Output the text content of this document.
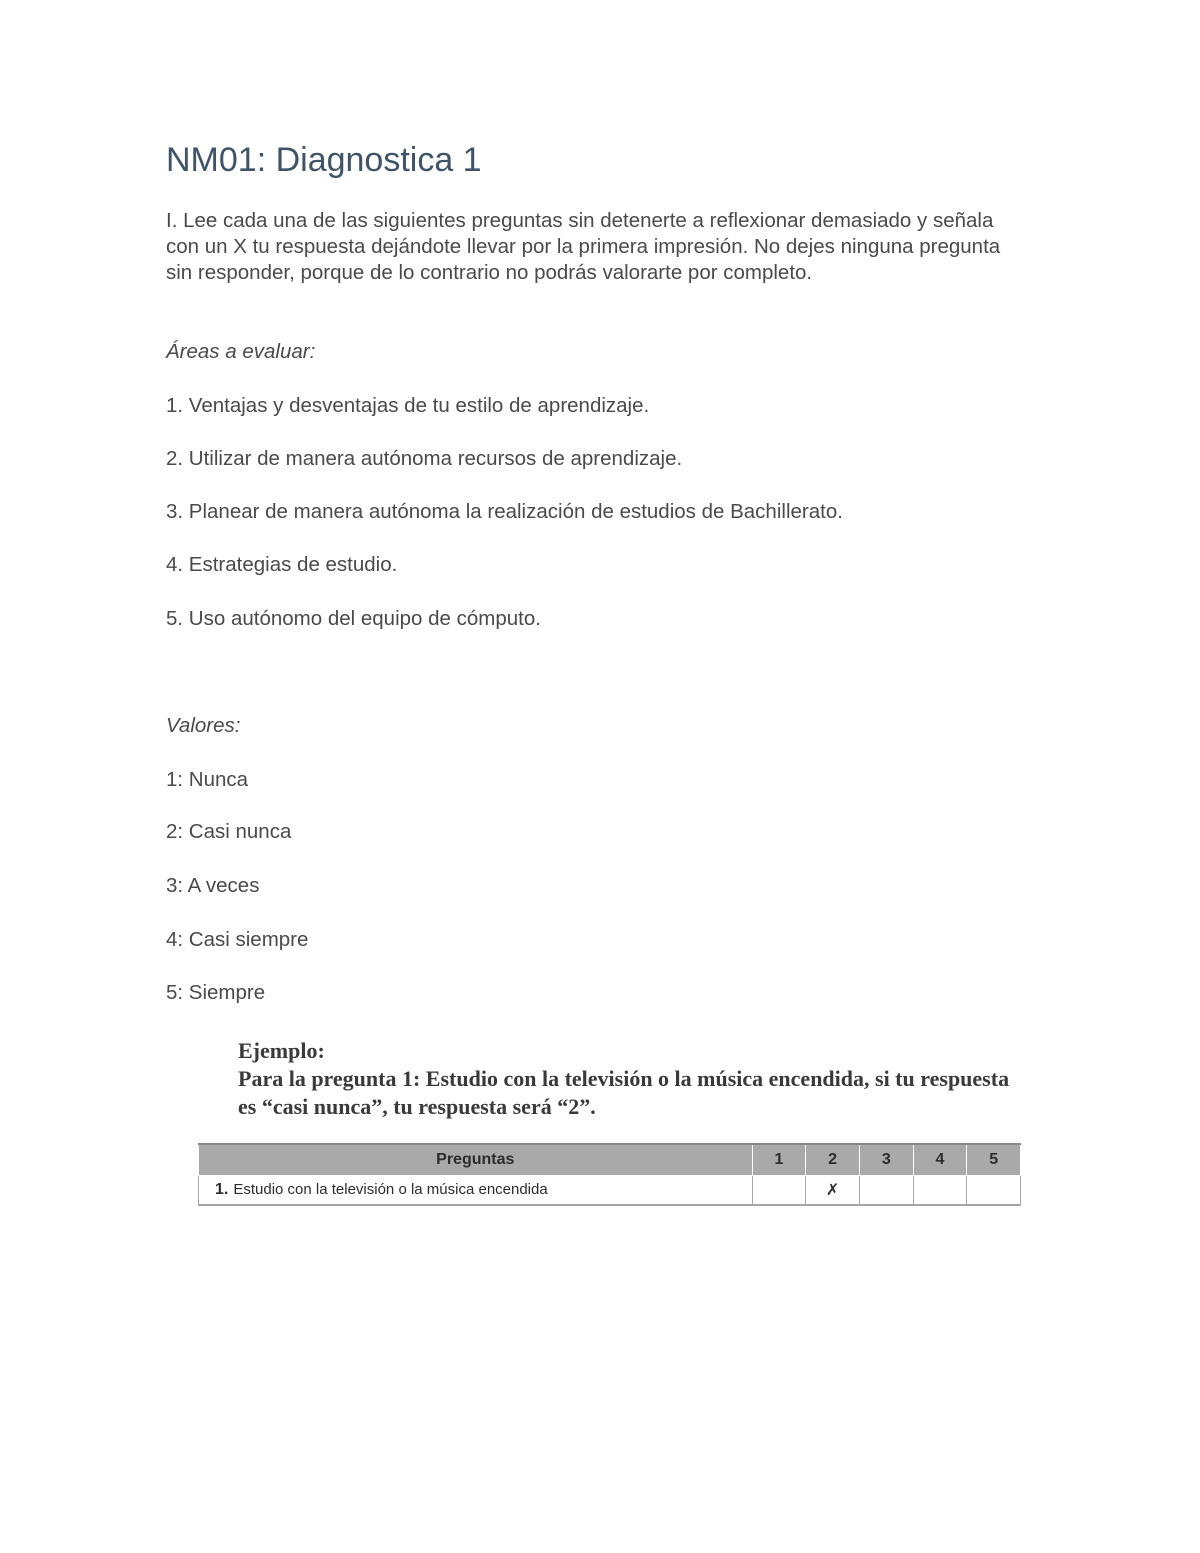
NM01: Diagnostica 1

I. Lee cada una de las siguientes preguntas sin detenerte a reflexionar demasiado y señala con un X tu respuesta dejándote llevar por la primera impresión. No dejes ninguna pregunta sin responder, porque de lo contrario no podrás valorarte por completo.

Áreas a evaluar:

1. Ventajas y desventajas de tu estilo de aprendizaje.

2. Utilizar de manera autónoma recursos de aprendizaje.

3. Planear de manera autónoma la realización de estudios de Bachillerato.

4. Estrategias de estudio.

5. Uso autónomo del equipo de cómputo.

Valores:

1: Nunca

2: Casi nunca

3: A veces

4: Casi siempre

5: Siempre

Ejemplo:

Para la pregunta 1: Estudio con la televisión o la música encendida, si tu respuesta es “casi nunca”, tu respuesta será “2”.

Preguntas	1	2	3	4	5
1. Estudio con la televisión o la música encendida		✗			
